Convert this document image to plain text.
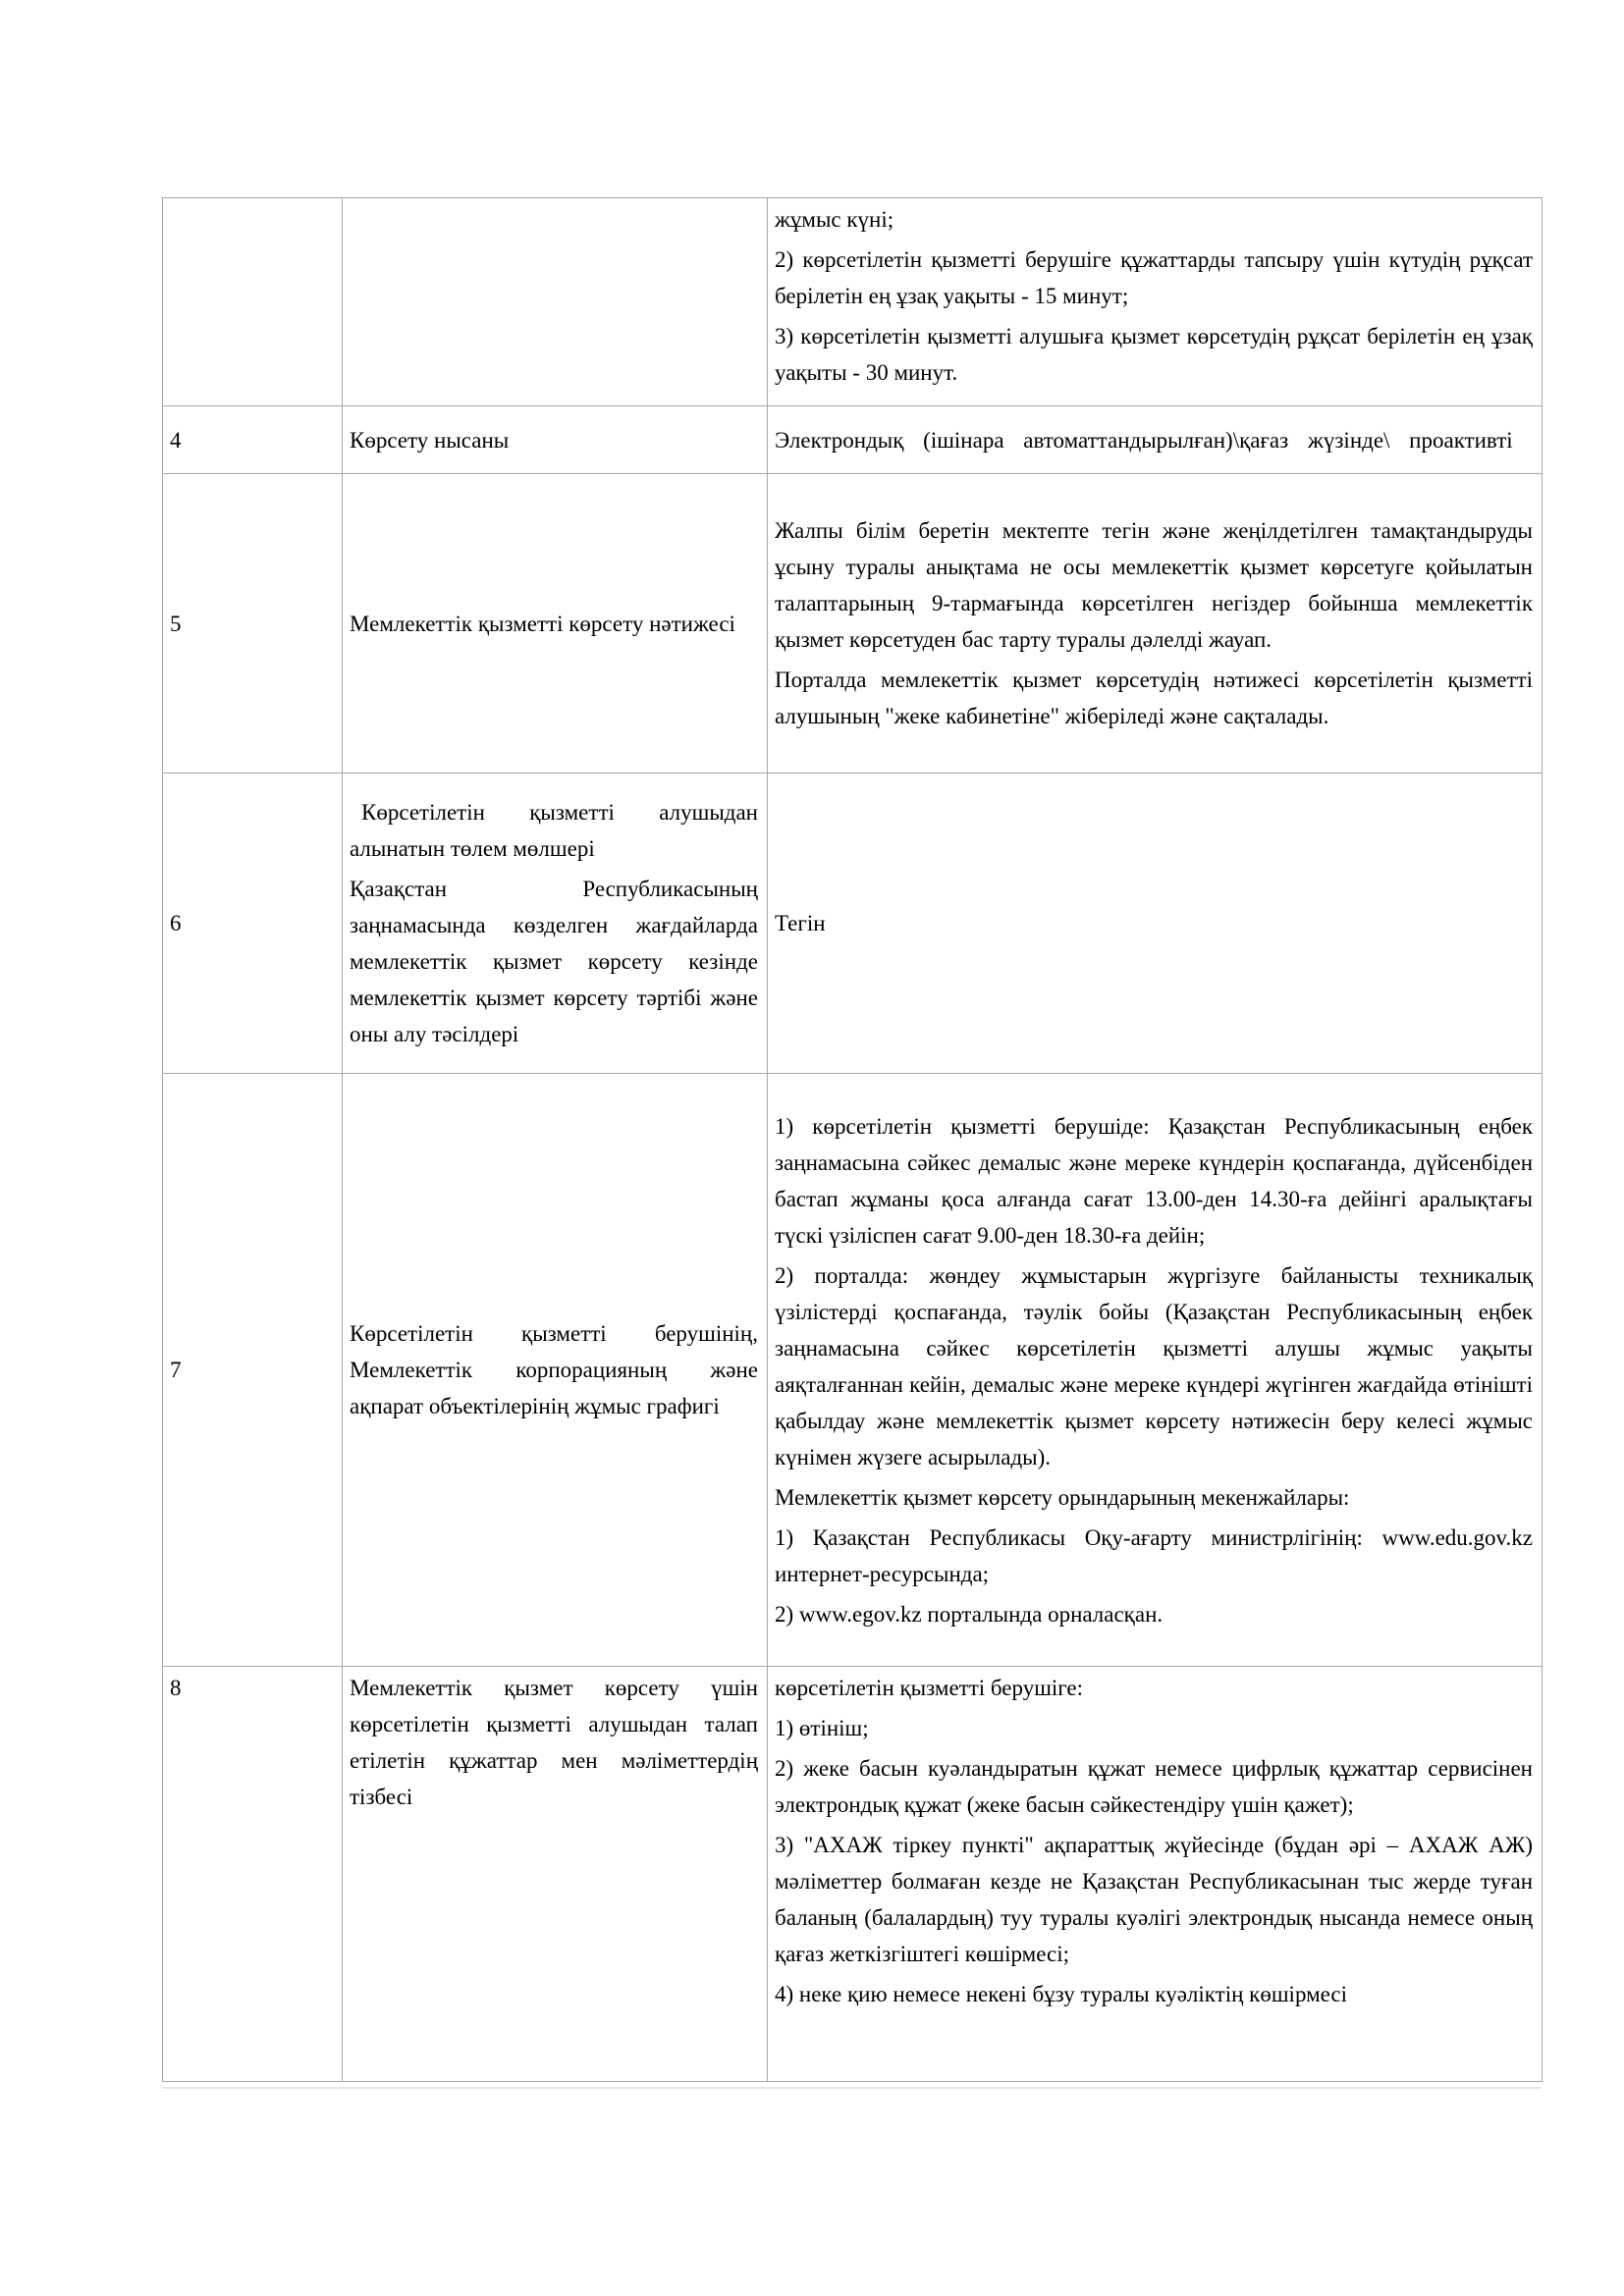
		жұмыс күні;

2) көрсетілетін қызметті берушіге құжаттарды тапсыру үшін күтудің рұқсат берілетін ең ұзақ уақыты - 15 минут;

3) көрсетілетін қызметті алушыға қызмет көрсетудің рұқсат берілетін ең ұзақ уақыты - 30 минут.

4	Көрсету нысаны	Электрондық (ішінара автоматтандырылған)\қағаз жүзінде\ проактивті

5	Мемлекеттік қызметті көрсету нәтижесі	Жалпы білім беретін мектепте тегін және жеңілдетілген тамақтандыруды ұсыну туралы анықтама не осы мемлекеттік қызмет көрсетуге қойылатын талаптарының 9-тармағында көрсетілген негіздер бойынша мемлекеттік қызмет көрсетуден бас тарту туралы дәлелді жауап.

Порталда мемлекеттік қызмет көрсетудің нәтижесі көрсетілетін қызметті алушының "жеке кабинетіне" жіберіледі және сақталады.

6	Көрсетілетін қызметті алушыдан алынатын төлем мөлшері

Қазақстан Республикасының заңнамасында көзделген жағдайларда мемлекеттік қызмет көрсету кезінде мемлекеттік қызмет көрсету тәртібі және оны алу тәсілдері	Тегін

7	Көрсетілетін қызметті берушінің, Мемлекеттік корпорацияның және ақпарат объектілерінің жұмыс графигі	1) көрсетілетін қызметті берушіде: Қазақстан Республикасының еңбек заңнамасына сәйкес демалыс және мереке күндерін қоспағанда, дүйсенбіден бастап жұманы қоса алғанда сағат 13.00-ден 14.30-ға дейінгі аралықтағы түскі үзіліспен сағат 9.00-ден 18.30-ға дейін;

2) порталда: жөндеу жұмыстарын жүргізуге байланысты техникалық үзілістерді қоспағанда, тәулік бойы (Қазақстан Республикасының еңбек заңнамасына сәйкес көрсетілетін қызметті алушы жұмыс уақыты аяқталғаннан кейін, демалыс және мереке күндері жүгінген жағдайда өтінішті қабылдау және мемлекеттік қызмет көрсету нәтижесін беру келесі жұмыс күнімен жүзеге асырылады).

Мемлекеттік қызмет көрсету орындарының мекенжайлары:

1) Қазақстан Республикасы Оқу-ағарту министрлігінің: www.edu.gov.kz интернет-ресурсында;

2) www.egov.kz порталында орналасқан.

8	Мемлекеттік қызмет көрсету үшін көрсетілетін қызметті алушыдан талап етілетін құжаттар мен мәліметтердің тізбесі	көрсетілетін қызметті берушіге:

1) өтініш;

2) жеке басын куәландыратын құжат немесе цифрлық құжаттар сервисінен электрондық құжат (жеке басын сәйкестендіру үшін қажет);

3) "АХАЖ тіркеу пункті" ақпараттық жүйесінде (бұдан әрі – АХАЖ АЖ) мәліметтер болмаған кезде не Қазақстан Республикасынан тыс жерде туған баланың (балалардың) туу туралы куәлігі электрондық нысанда немесе оның қағаз жеткізгіштегі көшірмесі;

4) неке қию немесе некені бұзу туралы куәліктің көшірмесі
